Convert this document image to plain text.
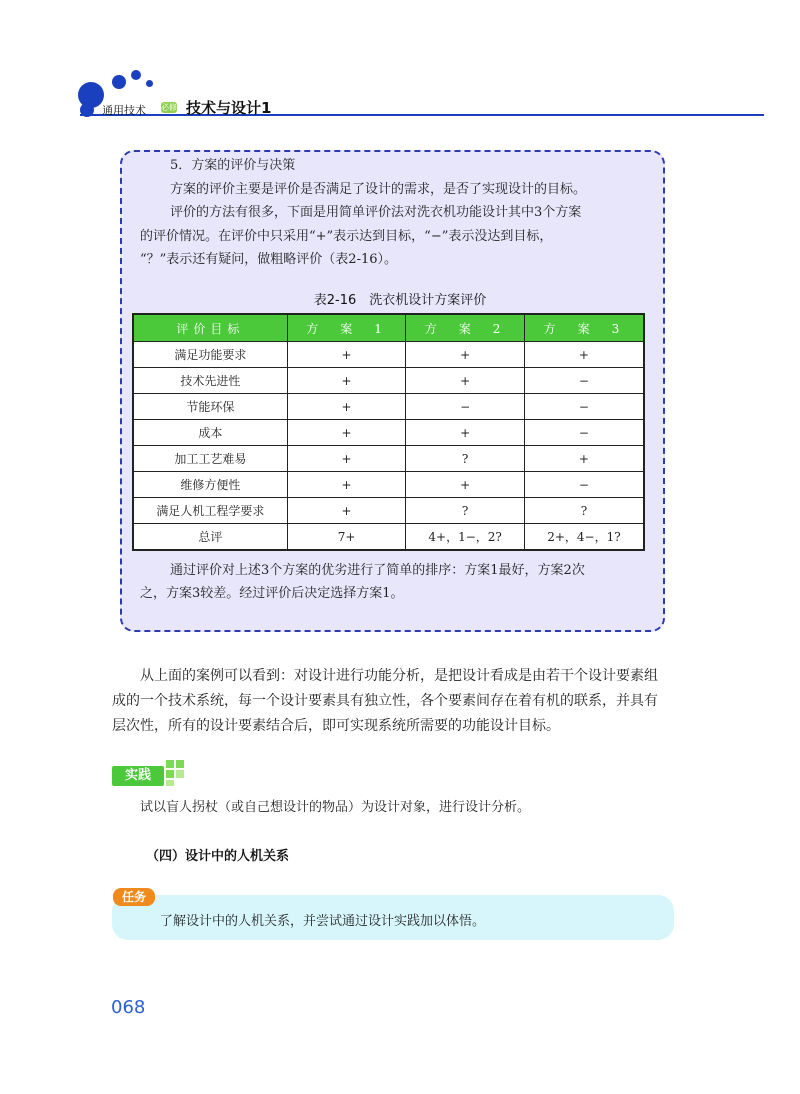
通用技术 必修 技术与设计1
5．方案的评价与决策
方案的评价主要是评价是否满足了设计的需求，是否了实现设计的目标。
评价的方法有很多，下面是用简单评价法对洗衣机功能设计其中3个方案
的评价情况。在评价中只采用“+”表示达到目标，“−”表示没达到目标，
“？”表示还有疑问，做粗略评价（表2-16）。
表2-16　洗衣机设计方案评价
评价目标	方　案　1	方　案　2	方　案　3
满足功能要求	+	+	+
技术先进性	+	+	−
节能环保	+	−	−
成本	+	+	−
加工工艺难易	+	?	+
维修方便性	+	+	−
满足人机工程学要求	+	?	?
总评	7+	4+，1−，2?	2+，4−，1?
通过评价对上述3个方案的优劣进行了简单的排序：方案1最好，方案2次
之，方案3较差。经过评价后决定选择方案1。
从上面的案例可以看到：对设计进行功能分析，是把设计看成是由若干个设计要素组
成的一个技术系统，每一个设计要素具有独立性，各个要素间存在着有机的联系，并具有
层次性，所有的设计要素结合后，即可实现系统所需要的功能设计目标。
实践
试以盲人拐杖（或自己想设计的物品）为设计对象，进行设计分析。
（四）设计中的人机关系
任务
了解设计中的人机关系，并尝试通过设计实践加以体悟。
068
